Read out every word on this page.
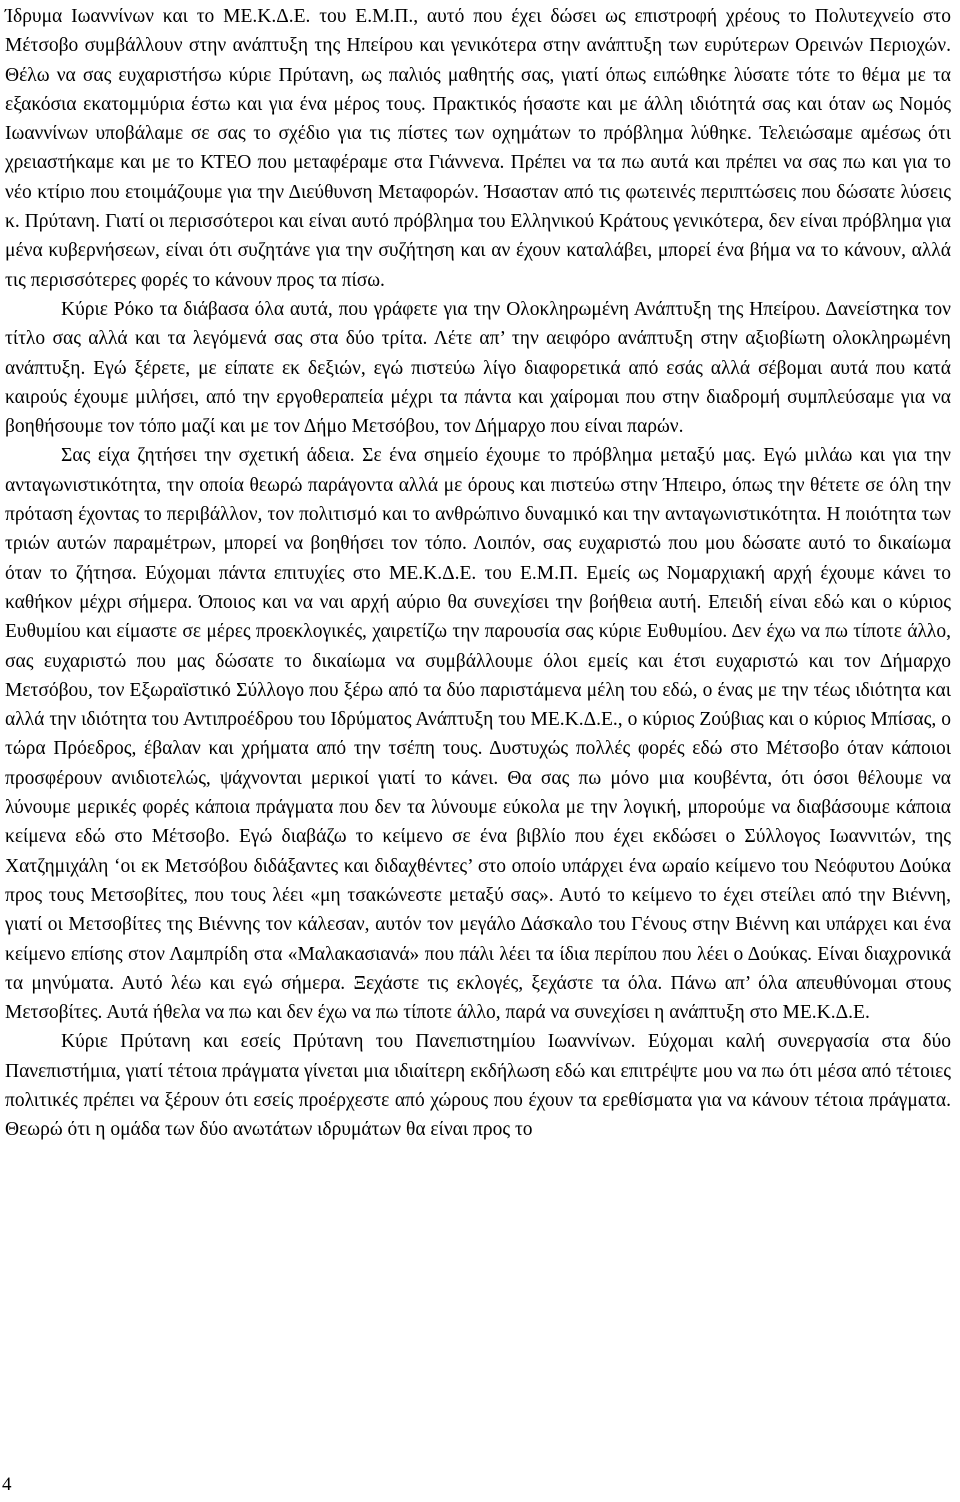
Ίδρυμα Ιωαννίνων και το ΜΕ.Κ.Δ.Ε. του Ε.Μ.Π., αυτό που έχει δώσει ως επιστροφή χρέους το Πολυτεχνείο στο Μέτσοβο συμβάλλουν στην ανάπτυξη της Ηπείρου και γενικότερα στην ανάπτυξη των ευρύτερων Ορεινών Περιοχών. Θέλω να σας ευχαριστήσω κύριε Πρύτανη, ως παλιός μαθητής σας, γιατί όπως ειπώθηκε λύσατε τότε το θέμα με τα εξακόσια εκατομμύρια έστω και για ένα μέρος τους. Πρακτικός ήσαστε και με άλλη ιδιότητά σας και όταν ως Νομός Ιωαννίνων υποβάλαμε σε σας το σχέδιο για τις πίστες των οχημάτων το πρόβλημα λύθηκε. Τελειώσαμε αμέσως ότι χρειαστήκαμε και με το ΚΤΕΟ που μεταφέραμε στα Γιάννενα. Πρέπει να τα πω αυτά και πρέπει να σας πω και για το νέο κτίριο που ετοιμάζουμε για την Διεύθυνση Μεταφορών. Ήσασταν από τις φωτεινές περιπτώσεις που δώσατε λύσεις κ. Πρύτανη. Γιατί οι περισσότεροι και είναι αυτό πρόβλημα του Ελληνικού Κράτους γενικότερα, δεν είναι πρόβλημα για μένα κυβερνήσεων, είναι ότι συζητάνε για την συζήτηση και αν έχουν καταλάβει, μπορεί ένα βήμα να το κάνουν, αλλά τις περισσότερες φορές το κάνουν προς τα πίσω.

Κύριε Ρόκο τα διάβασα όλα αυτά, που γράφετε για την Ολοκληρωμένη Ανάπτυξη της Ηπείρου. Δανείστηκα τον τίτλο σας αλλά και τα λεγόμενά σας στα δύο τρίτα. Λέτε απ’ την αειφόρο ανάπτυξη στην αξιοβίωτη ολοκληρωμένη ανάπτυξη. Εγώ ξέρετε, με είπατε εκ δεξιών, εγώ πιστεύω λίγο διαφορετικά από εσάς αλλά σέβομαι αυτά που κατά καιρούς έχουμε μιλήσει, από την εργοθεραπεία μέχρι τα πάντα και χαίρομαι που στην διαδρομή συμπλεύσαμε για να βοηθήσουμε τον τόπο μαζί και με τον Δήμο Μετσόβου, τον Δήμαρχο που είναι παρών.

Σας είχα ζητήσει την σχετική άδεια. Σε ένα σημείο έχουμε το πρόβλημα μεταξύ μας. Εγώ μιλάω και για την ανταγωνιστικότητα, την οποία θεωρώ παράγοντα αλλά με όρους και πιστεύω στην Ήπειρο, όπως την θέτετε σε όλη την πρόταση έχοντας το περιβάλλον, τον πολιτισμό και το ανθρώπινο δυναμικό και την ανταγωνιστικότητα. Η ποιότητα των τριών αυτών παραμέτρων, μπορεί να βοηθήσει τον τόπο. Λοιπόν, σας ευχαριστώ που μου δώσατε αυτό το δικαίωμα όταν το ζήτησα. Εύχομαι πάντα επιτυχίες στο ΜΕ.Κ.Δ.Ε. του Ε.Μ.Π. Εμείς ως Νομαρχιακή αρχή έχουμε κάνει το καθήκον μέχρι σήμερα. Όποιος και να ναι αρχή αύριο θα συνεχίσει την βοήθεια αυτή. Επειδή είναι εδώ και ο κύριος Ευθυμίου και είμαστε σε μέρες προεκλογικές, χαιρετίζω την παρουσία σας κύριε Ευθυμίου. Δεν έχω να πω τίποτε άλλο, σας ευχαριστώ που μας δώσατε το δικαίωμα να συμβάλλουμε όλοι εμείς και έτσι ευχαριστώ και τον Δήμαρχο Μετσόβου, τον Εξωραϊστικό Σύλλογο που ξέρω από τα δύο παριστάμενα μέλη του εδώ, ο ένας με την τέως ιδιότητα και αλλά την ιδιότητα του Αντιπροέδρου του Ιδρύματος Ανάπτυξη του ΜΕ.Κ.Δ.Ε., ο κύριος Ζούβιας και ο κύριος Μπίσας, ο τώρα Πρόεδρος, έβαλαν και χρήματα από την τσέπη τους. Δυστυχώς πολλές φορές εδώ στο Μέτσοβο όταν κάποιοι προσφέρουν ανιδιοτελώς, ψάχνονται μερικοί γιατί το κάνει. Θα σας πω μόνο μια κουβέντα, ότι όσοι θέλουμε να λύνουμε μερικές φορές κάποια πράγματα που δεν τα λύνουμε εύκολα με την λογική, μπορούμε να διαβάσουμε κάποια κείμενα εδώ στο Μέτσοβο. Εγώ διαβάζω το κείμενο σε ένα βιβλίο που έχει εκδώσει ο Σύλλογος Ιωαννιτών, της Χατζημιχάλη ‘οι εκ Μετσόβου διδάξαντες και διδαχθέντες’ στο οποίο υπάρχει ένα ωραίο κείμενο του Νεόφυτου Δούκα προς τους Μετσοβίτες, που τους λέει «μη τσακώνεστε μεταξύ σας». Αυτό το κείμενο το έχει στείλει από την Βιέννη, γιατί οι Μετσοβίτες της Βιέννης τον κάλεσαν, αυτόν τον μεγάλο Δάσκαλο του Γένους στην Βιέννη και υπάρχει και ένα κείμενο επίσης στον Λαμπρίδη στα «Μαλακασιανά» που πάλι λέει τα ίδια περίπου που λέει ο Δούκας. Είναι διαχρονικά τα μηνύματα. Αυτό λέω και εγώ σήμερα. Ξεχάστε τις εκλογές, ξεχάστε τα όλα. Πάνω απ’ όλα απευθύνομαι στους Μετσοβίτες. Αυτά ήθελα να πω και δεν έχω να πω τίποτε άλλο, παρά να συνεχίσει η ανάπτυξη στο ΜΕ.Κ.Δ.Ε.

Κύριε Πρύτανη και εσείς Πρύτανη του Πανεπιστημίου Ιωαννίνων. Εύχομαι καλή συνεργασία στα δύο Πανεπιστήμια, γιατί τέτοια πράγματα γίνεται μια ιδιαίτερη εκδήλωση εδώ και επιτρέψτε μου να πω ότι μέσα από τέτοιες πολιτικές πρέπει να ξέρουν ότι εσείς προέρχεστε από χώρους που έχουν τα ερεθίσματα για να κάνουν τέτοια πράγματα. Θεωρώ ότι η ομάδα των δύο ανωτάτων ιδρυμάτων θα είναι προς το

4
